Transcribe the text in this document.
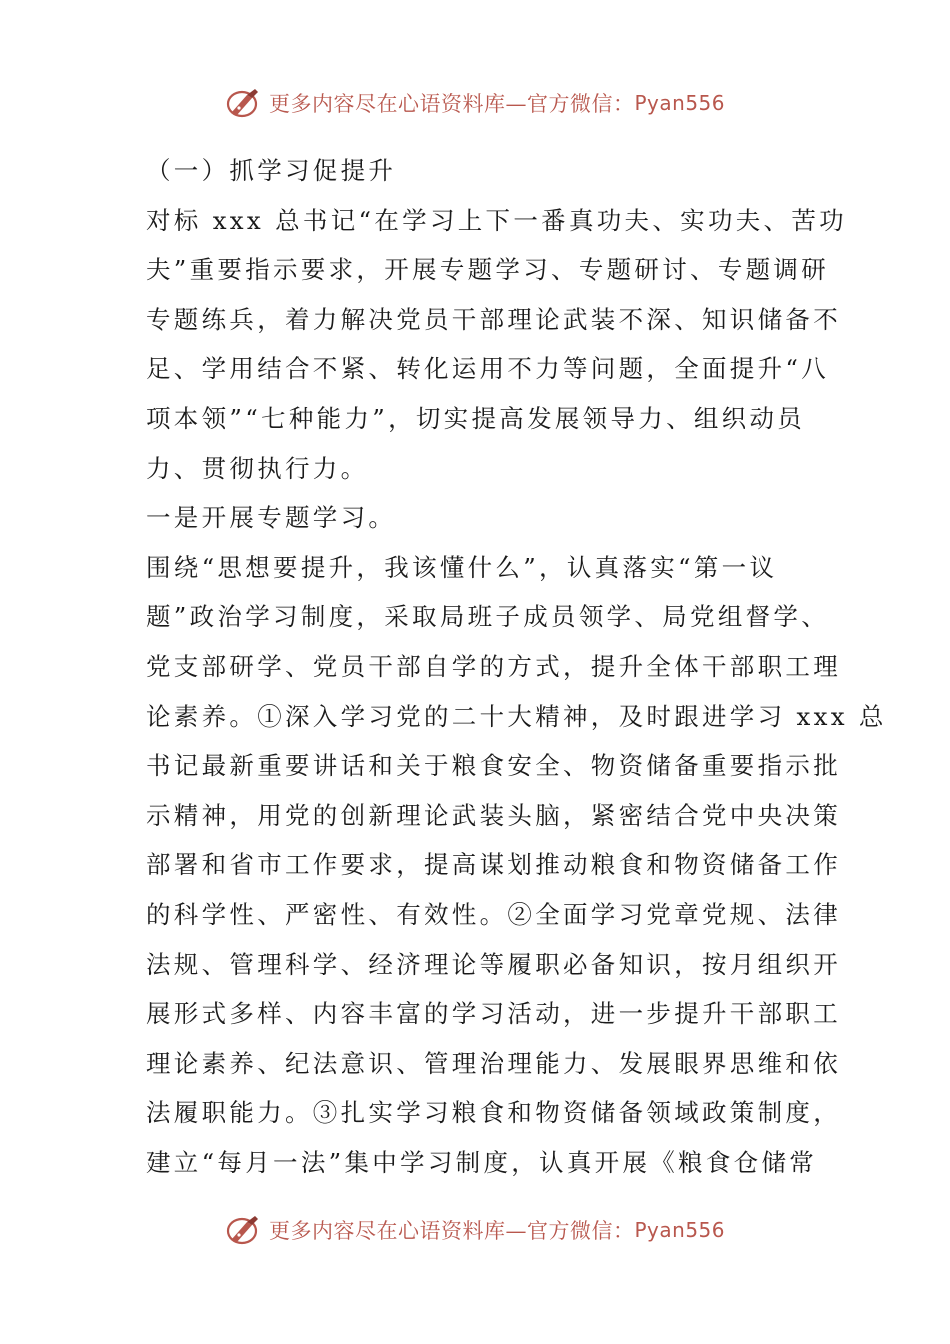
更多内容尽在心语资料库—官方微信： Pyan556
（一）抓学习促提升
对标 xxx 总书记“在学习上下一番真功夫、实功夫、苦功
夫”重要指示要求，开展专题学习、专题研讨、专题调研
专题练兵，着力解决党员干部理论武装不深、知识储备不
足、学用结合不紧、转化运用不力等问题，全面提升“八
项本领”“七种能力”，切实提高发展领导力、组织动员
力、贯彻执行力。
一是开展专题学习。
围绕“思想要提升，我该懂什么”，认真落实“第一议
题”政治学习制度，采取局班子成员领学、局党组督学、
党支部研学、党员干部自学的方式，提升全体干部职工理
论素养。①深入学习党的二十大精神，及时跟进学习 xxx 总
书记最新重要讲话和关于粮食安全、物资储备重要指示批
示精神，用党的创新理论武装头脑，紧密结合党中央决策
部署和省市工作要求，提高谋划推动粮食和物资储备工作
的科学性、严密性、有效性。②全面学习党章党规、法律
法规、管理科学、经济理论等履职必备知识，按月组织开
展形式多样、内容丰富的学习活动，进一步提升干部职工
理论素养、纪法意识、管理治理能力、发展眼界思维和依
法履职能力。③扎实学习粮食和物资储备领域政策制度，
建立“每月一法”集中学习制度，认真开展《粮食仓储常
更多内容尽在心语资料库—官方微信： Pyan556
